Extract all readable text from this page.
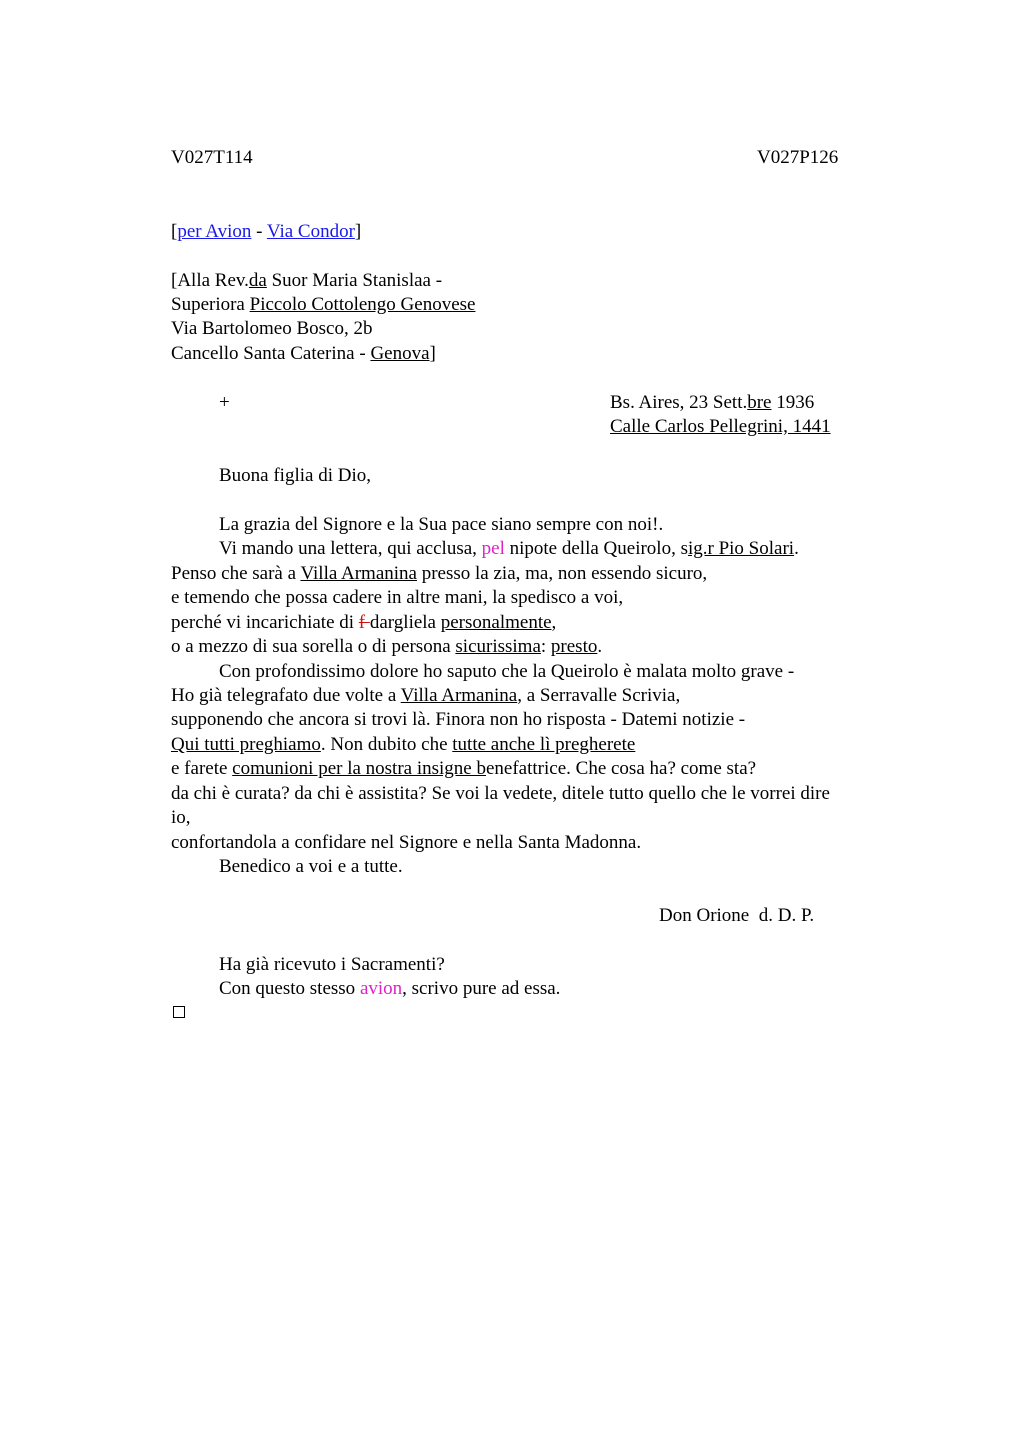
V027T114	V027P126
[per Avion - Via Condor]
[Alla Rev.da Suor Maria Stanislaa -
Superiora Piccolo Cottolengo Genovese
Via Bartolomeo Bosco, 2b
Cancello Santa Caterina - Genova]
+	Bs. Aires, 23 Sett.bre 1936
Calle Carlos Pellegrini, 1441
Buona figlia di Dio,
La grazia del Signore e la Sua pace siano sempre con noi!.
Vi mando una lettera, qui acclusa, pel nipote della Queirolo, sig.r Pio Solari.
Penso che sarà a Villa Armanina presso la zia, ma, non essendo sicuro,
e temendo che possa cadere in altre mani, la spedisco a voi,
perché vi incarichiate di f dargliela personalmente,
o a mezzo di sua sorella o di persona sicurissima: presto.
Con profondissimo dolore ho saputo che la Queirolo è malata molto grave -
Ho già telegrafato due volte a Villa Armanina, a Serravalle Scrivia,
supponendo che ancora si trovi là. Finora non ho risposta - Datemi notizie -
Qui tutti preghiamo. Non dubito che tutte anche lì pregherete
e farete comunioni per la nostra insigne benefattrice. Che cosa ha? come sta?
da chi è curata? da chi è assistita? Se voi la vedete, ditele tutto quello che le vorrei dire
io,
confortandola a confidare nel Signore e nella Santa Madonna.
Benedico a voi e a tutte.
Don Orione  d. D. P.
Ha già ricevuto i Sacramenti?
Con questo stesso avion, scrivo pure ad essa.
